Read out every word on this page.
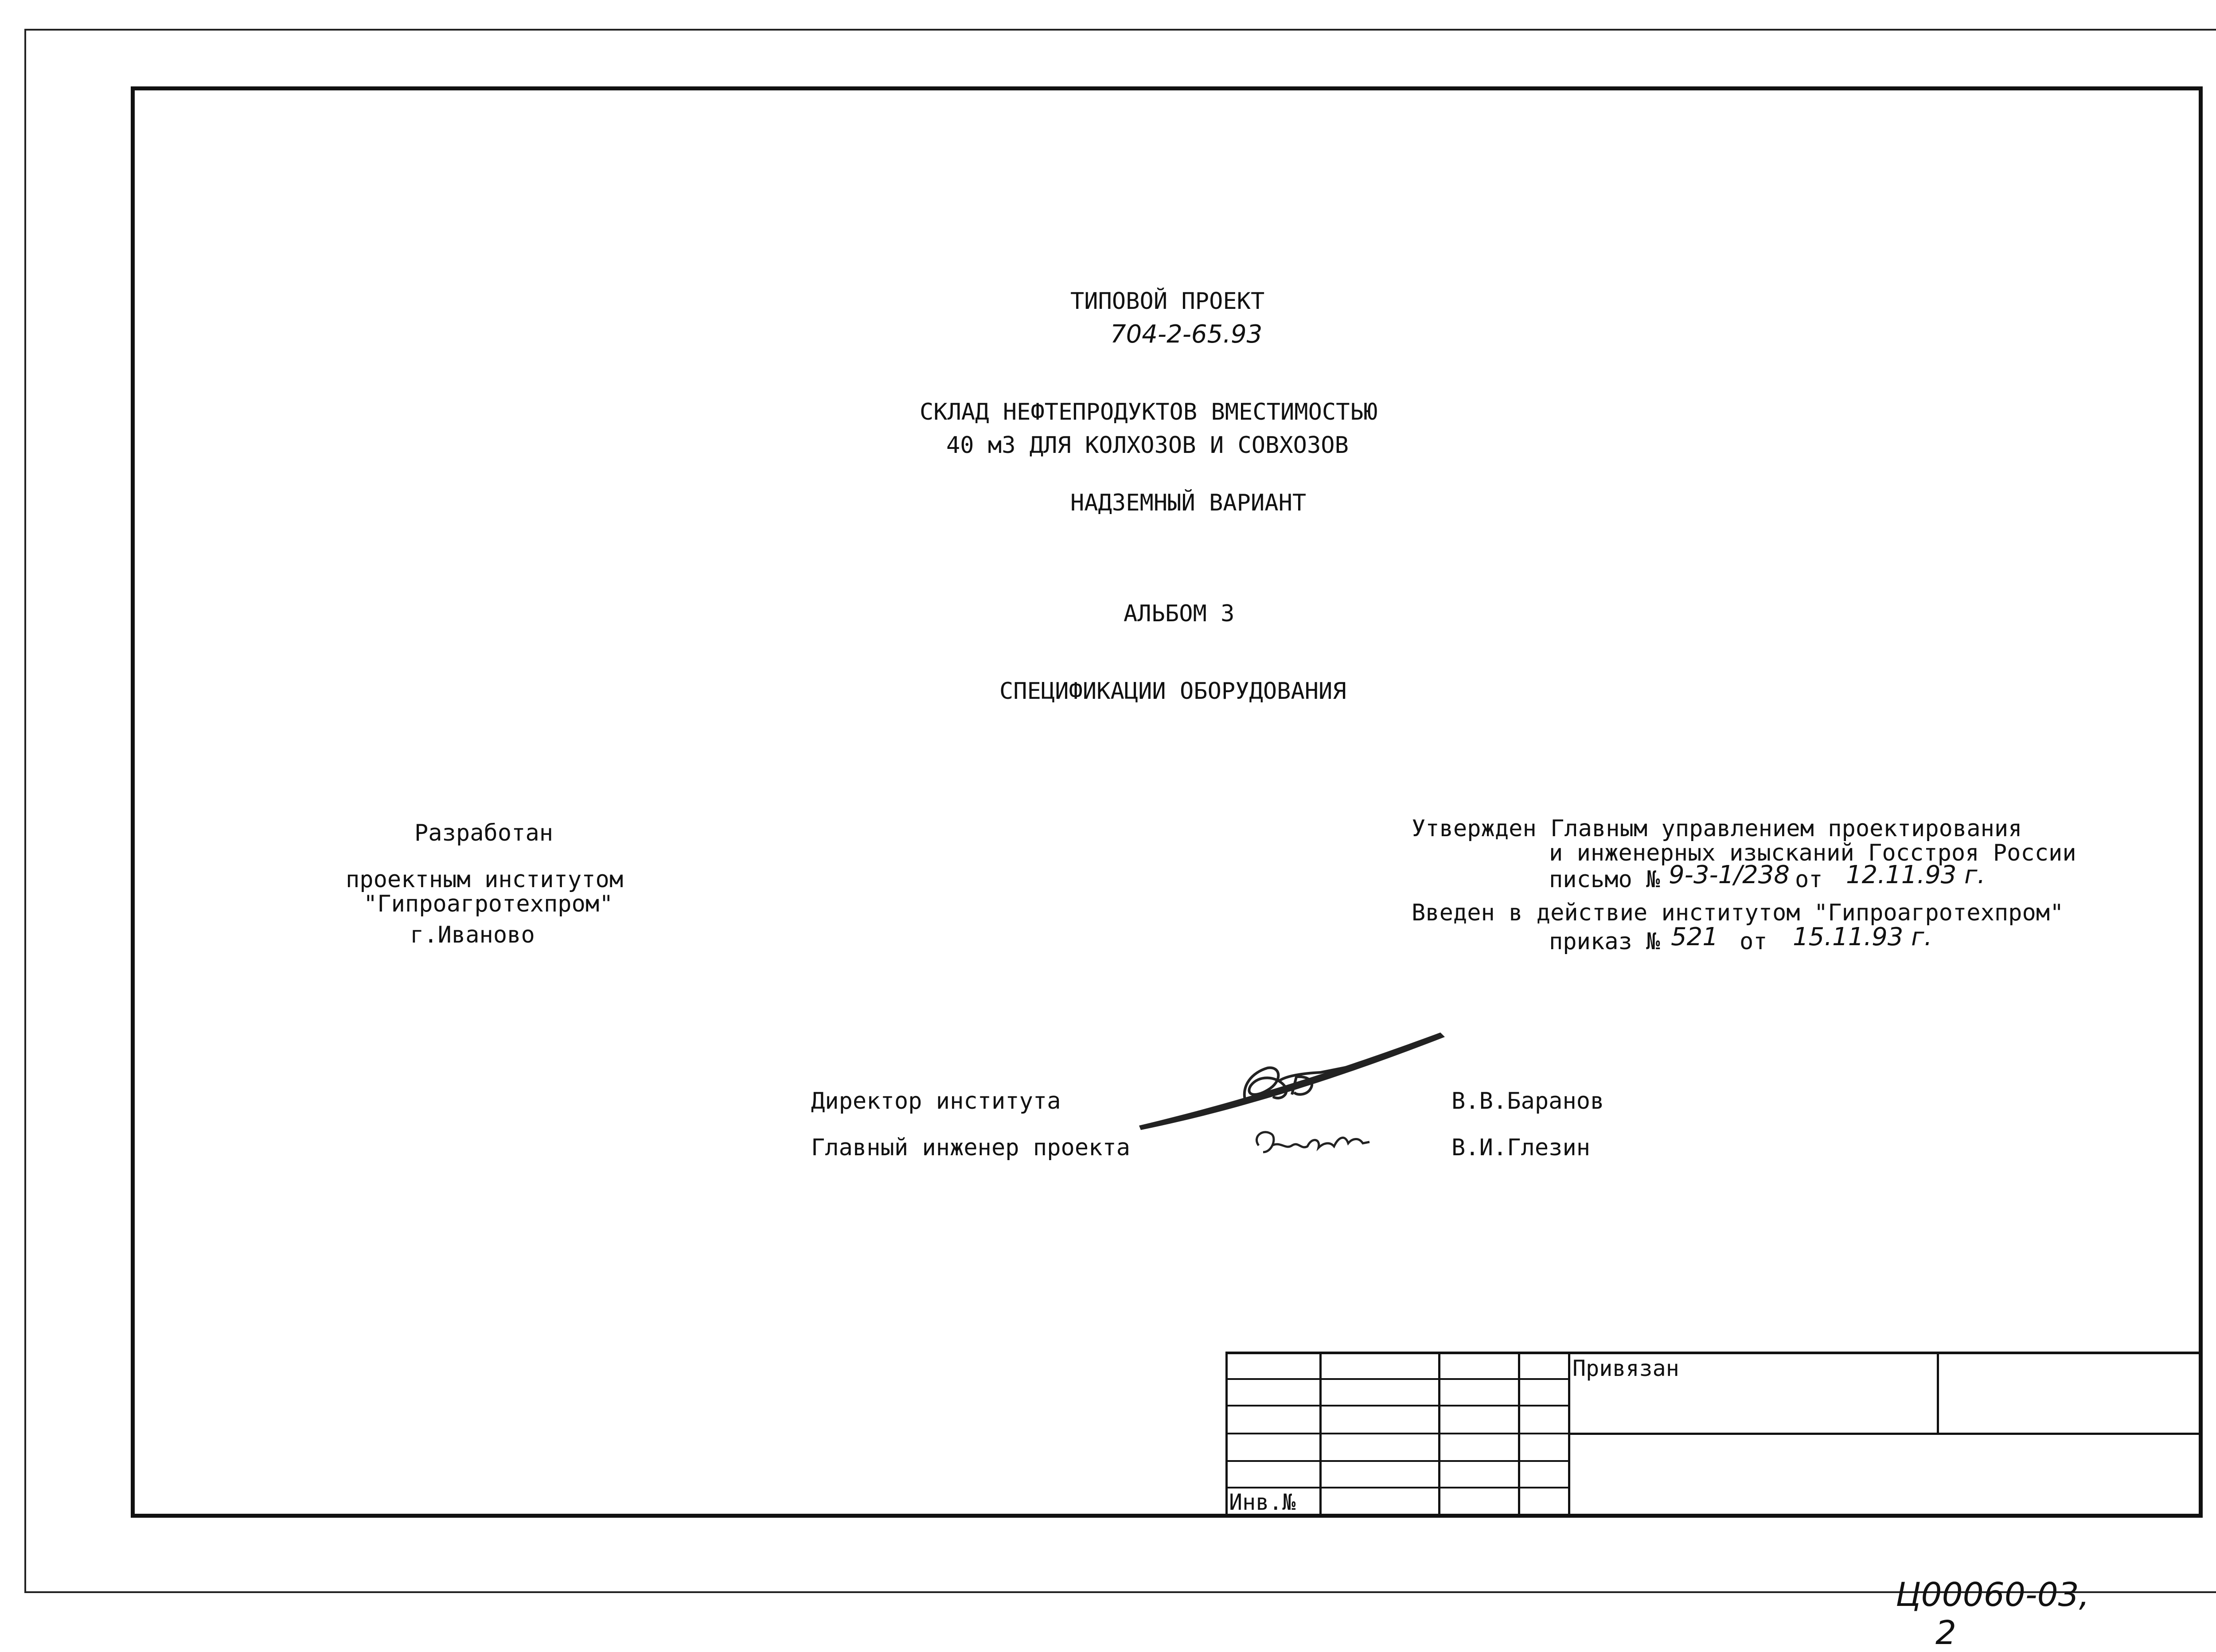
ТИПОВОЙ ПРОЕКТ
704-2-65.93
СКЛАД НЕФТЕПРОДУКТОВ ВМЕСТИМОСТЬЮ
40 м3 ДЛЯ КОЛХОЗОВ И СОВХОЗОВ
НАДЗЕМНЫЙ ВАРИАНТ
АЛЬБОМ 3
СПЕЦИФИКАЦИИ ОБОРУДОВАНИЯ
Разработан
проектным институтом
"Гипроагротехпром"
г.Иваново
Утвержден Главным управлением проектирования
и инженерных изысканий Госстроя России
письмо № 9-3-1/238 от 12.11.93 г.
Введен в действие институтом "Гипроагротехпром"
приказ № 521 от 15.11.93 г.
Директор института	В.В.Баранов
Главный инженер проекта	В.И.Глезин
Привязан
Инв.№

Ц00060-03,
2
